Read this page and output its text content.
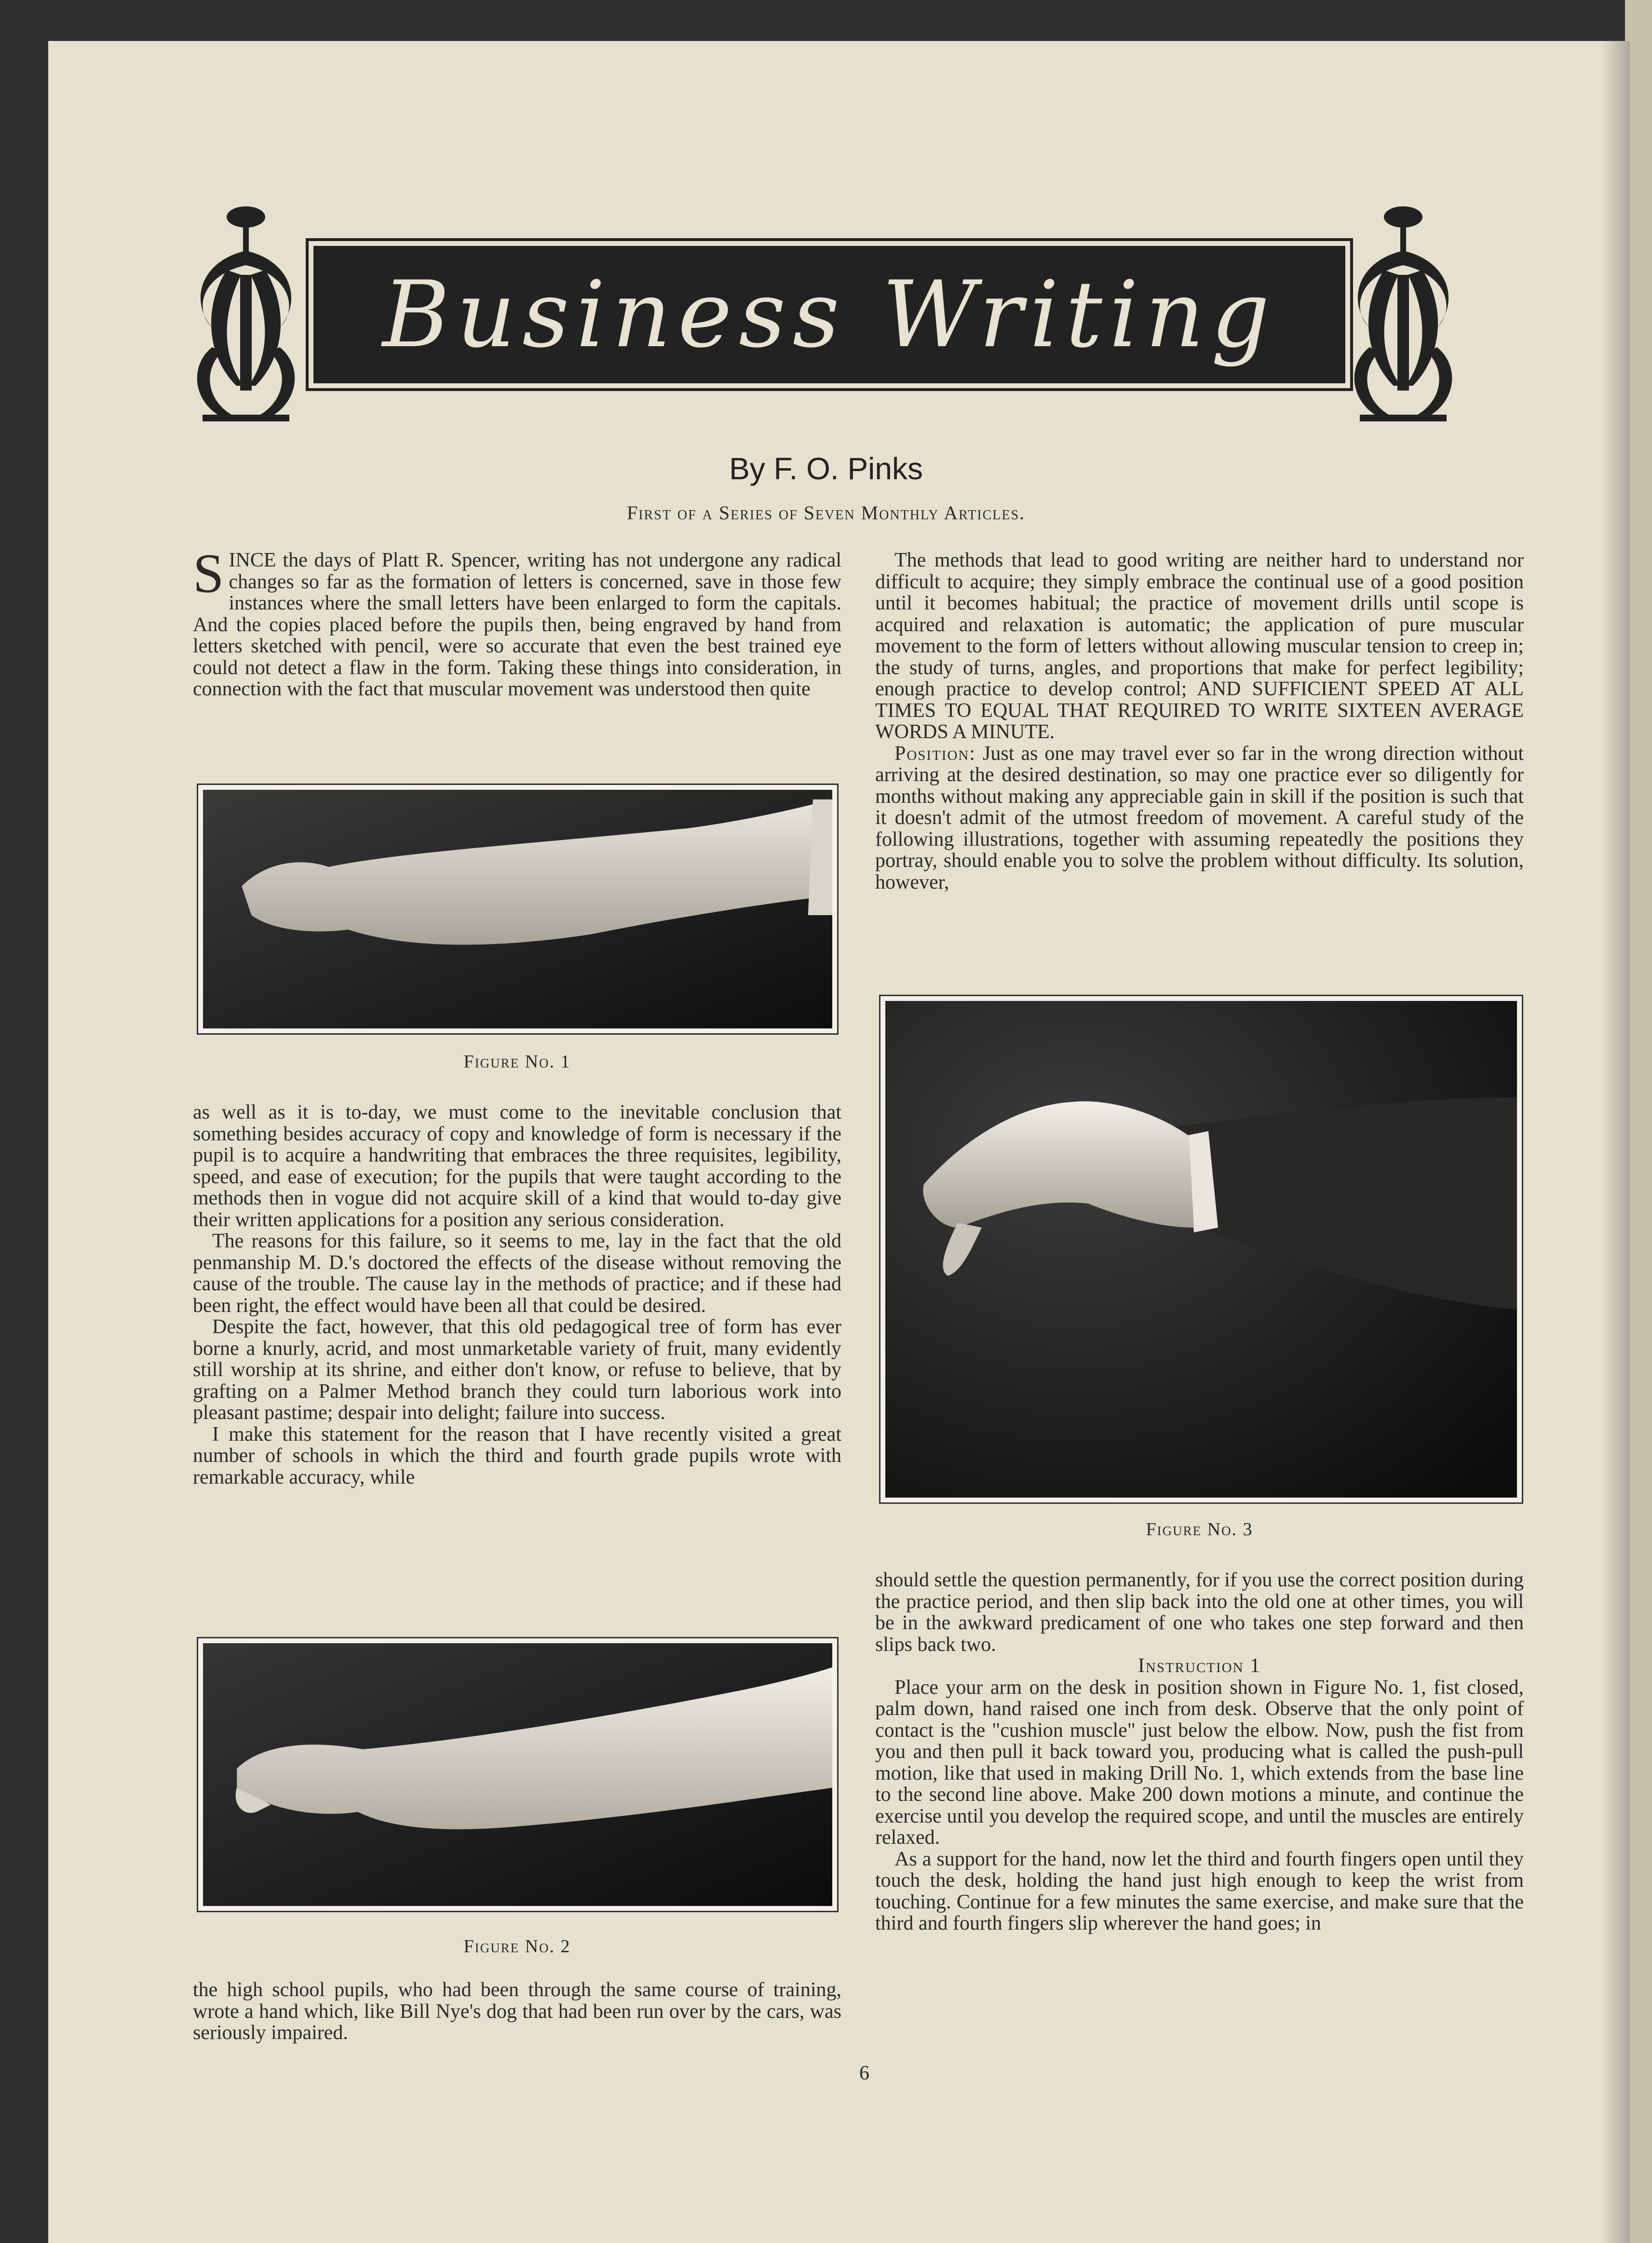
Business Writing
By F. O. Pinks
First of a Series of Seven Monthly Articles.

SINCE the days of Platt R. Spencer, writing has not undergone any radical changes so far as the formation of letters is concerned, save in those few instances where the small letters have been enlarged to form the capitals. And the copies placed before the pupils then, being engraved by hand from letters sketched with pencil, were so accurate that even the best trained eye could not detect a flaw in the form. Taking these things into consideration, in connection with the fact that muscular movement was understood then quite

Figure No. 1

as well as it is to-day, we must come to the inevitable conclusion that something besides accuracy of copy and knowledge of form is necessary if the pupil is to acquire a handwriting that embraces the three requisites, legibility, speed, and ease of execution; for the pupils that were taught according to the methods then in vogue did not acquire skill of a kind that would to-day give their written applications for a position any serious consideration.

The reasons for this failure, so it seems to me, lay in the fact that the old penmanship M. D.'s doctored the effects of the disease without removing the cause of the trouble. The cause lay in the methods of practice; and if these had been right, the effect would have been all that could be desired.

Despite the fact, however, that this old pedagogical tree of form has ever borne a knurly, acrid, and most unmarketable variety of fruit, many evidently still worship at its shrine, and either don't know, or refuse to believe, that by grafting on a Palmer Method branch they could turn laborious work into pleasant pastime; despair into delight; failure into success.

I make this statement for the reason that I have recently visited a great number of schools in which the third and fourth grade pupils wrote with remarkable accuracy, while

Figure No. 2

the high school pupils, who had been through the same course of training, wrote a hand which, like Bill Nye's dog that had been run over by the cars, was seriously impaired.

The methods that lead to good writing are neither hard to understand nor difficult to acquire; they simply embrace the continual use of a good position until it becomes habitual; the practice of movement drills until scope is acquired and relaxation is automatic; the application of pure muscular movement to the form of letters without allowing muscular tension to creep in; the study of turns, angles, and proportions that make for perfect legibility; enough practice to develop control; AND SUFFICIENT SPEED AT ALL TIMES TO EQUAL THAT REQUIRED TO WRITE SIXTEEN AVERAGE WORDS A MINUTE.

Position: Just as one may travel ever so far in the wrong direction without arriving at the desired destination, so may one practice ever so diligently for months without making any appreciable gain in skill if the position is such that it doesn't admit of the utmost freedom of movement. A careful study of the following illustrations, together with assuming repeatedly the positions they portray, should enable you to solve the problem without difficulty. Its solution, however,

Figure No. 3

should settle the question permanently, for if you use the correct position during the practice period, and then slip back into the old one at other times, you will be in the awkward predicament of one who takes one step forward and then slips back two.

Instruction 1

Place your arm on the desk in position shown in Figure No. 1, fist closed, palm down, hand raised one inch from desk. Observe that the only point of contact is the "cushion muscle" just below the elbow. Now, push the fist from you and then pull it back toward you, producing what is called the push-pull motion, like that used in making Drill No. 1, which extends from the base line to the second line above. Make 200 down motions a minute, and continue the exercise until you develop the required scope, and until the muscles are entirely relaxed.

As a support for the hand, now let the third and fourth fingers open until they touch the desk, holding the hand just high enough to keep the wrist from touching. Continue for a few minutes the same exercise, and make sure that the third and fourth fingers slip wherever the hand goes; in

6
